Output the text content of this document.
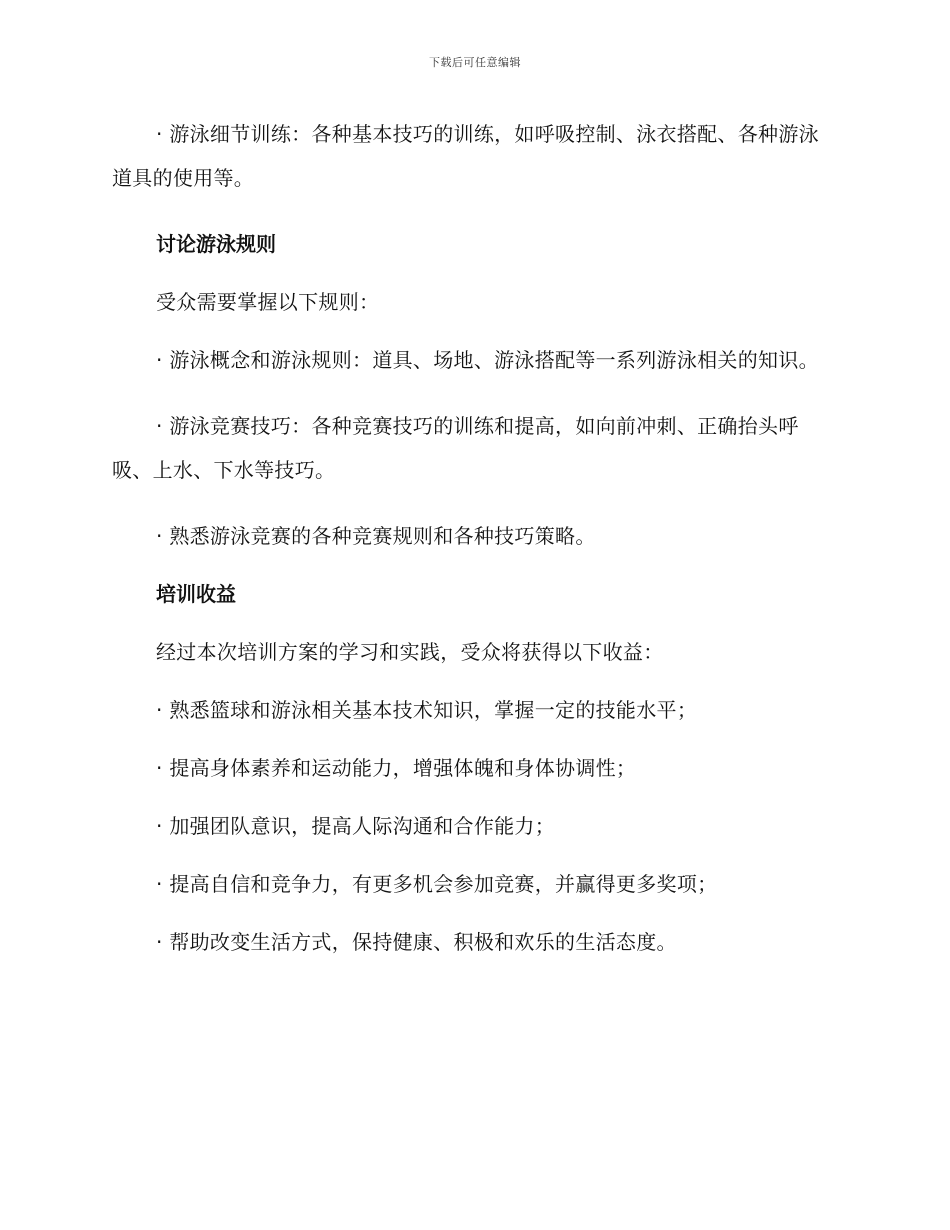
下载后可任意编辑

· 游泳细节训练：各种基本技巧的训练，如呼吸控制、泳衣搭配、各种游泳道具的使用等。

讨论游泳规则

受众需要掌握以下规则：

· 游泳概念和游泳规则：道具、场地、游泳搭配等一系列游泳相关的知识。

· 游泳竞赛技巧：各种竞赛技巧的训练和提高，如向前冲刺、正确抬头呼吸、上水、下水等技巧。

· 熟悉游泳竞赛的各种竞赛规则和各种技巧策略。

培训收益

经过本次培训方案的学习和实践，受众将获得以下收益：

· 熟悉篮球和游泳相关基本技术知识，掌握一定的技能水平；

· 提高身体素养和运动能力，增强体魄和身体协调性；

· 加强团队意识，提高人际沟通和合作能力；

· 提高自信和竞争力，有更多机会参加竞赛，并赢得更多奖项；

· 帮助改变生活方式，保持健康、积极和欢乐的生活态度。
